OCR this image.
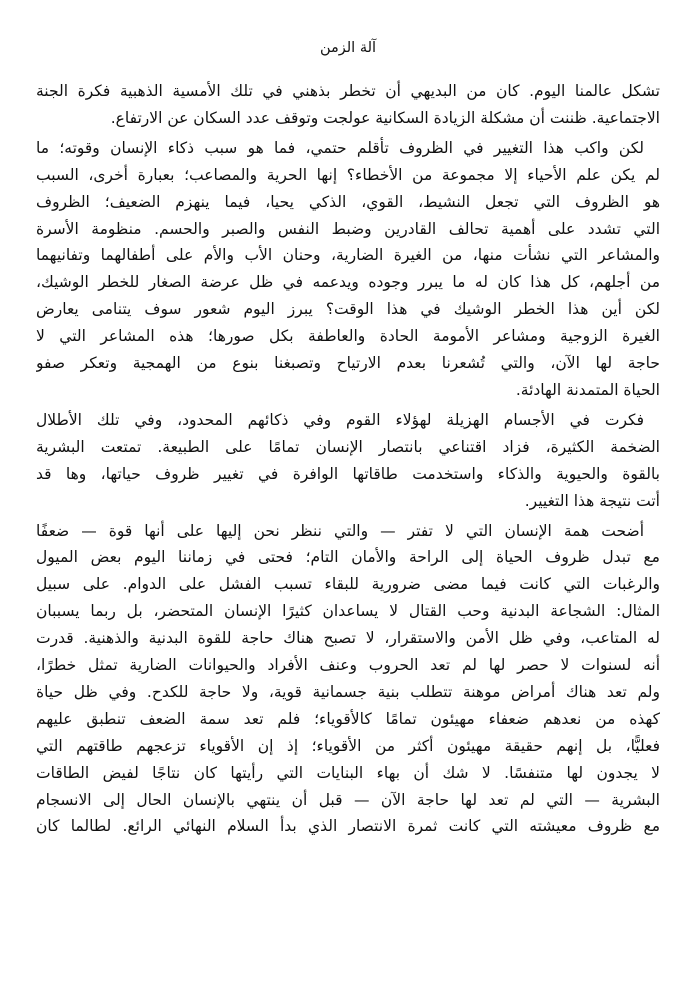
آلة الزمن
تشكل عالمنا اليوم. كان من البديهي أن تخطر بذهني في تلك الأمسية الذهبية فكرة الجنة
الاجتماعية. ظننت أن مشكلة الزيادة السكانية عولجت وتوقف عدد السكان عن الارتفاع.
لكن واكب هذا التغيير في الظروف تأقلم حتمي، فما هو سبب ذكاء الإنسان وقوته؛ ما
لم يكن علم الأحياء إلا مجموعة من الأخطاء؟ إنها الحرية والمصاعب؛ بعبارة أخرى، السبب
هو الظروف التي تجعل النشيط، القوي، الذكي يحيا، فيما ينهزم الضعيف؛ الظروف
التي تشدد على أهمية تحالف القادرين وضبط النفس والصبر والحسم. منظومة الأسرة
والمشاعر التي نشأت منها، من الغيرة الضارية، وحنان الأب والأم على أطفالهما وتفانيهما
من أجلهم، كل هذا كان له ما يبرر وجوده ويدعمه في ظل عرضة الصغار للخطر الوشيك،
لكن أين هذا الخطر الوشيك في هذا الوقت؟ يبرز اليوم شعور سوف يتنامى يعارض
الغيرة الزوجية ومشاعر الأمومة الحادة والعاطفة بكل صورها؛ هذه المشاعر التي لا
حاجة لها الآن، والتي تُشعرنا بعدم الارتياح وتصبغنا بنوع من الهمجية وتعكر صفو
الحياة المتمدنة الهادئة.
فكرت في الأجسام الهزيلة لهؤلاء القوم وفي ذكائهم المحدود، وفي تلك الأطلال
الضخمة الكثيرة، فزاد اقتناعي بانتصار الإنسان تمامًا على الطبيعة. تمتعت البشرية
بالقوة والحيوية والذكاء واستخدمت طاقاتها الوافرة في تغيير ظروف حياتها، وها قد
أتت نتيجة هذا التغيير.
أضحت همة الإنسان التي لا تفتر — والتي ننظر نحن إليها على أنها قوة — ضعفًا
مع تبدل ظروف الحياة إلى الراحة والأمان التام؛ فحتى في زماننا اليوم بعض الميول
والرغبات التي كانت فيما مضى ضرورية للبقاء تسبب الفشل على الدوام. على سبيل
المثال: الشجاعة البدنية وحب القتال لا يساعدان كثيرًا الإنسان المتحضر، بل ربما يسببان
له المتاعب، وفي ظل الأمن والاستقرار، لا تصبح هناك حاجة للقوة البدنية والذهنية. قدرت
أنه لسنوات لا حصر لها لم تعد الحروب وعنف الأفراد والحيوانات الضارية تمثل خطرًا،
ولم تعد هناك أمراض موهنة تتطلب بنية جسمانية قوية، ولا حاجة للكدح. وفي ظل حياة
كهذه من نعدهم ضعفاء مهيئون تمامًا كالأقوياء؛ فلم تعد سمة الضعف تنطبق عليهم
فعليًّا، بل إنهم حقيقة مهيئون أكثر من الأقوياء؛ إذ إن الأقوياء تزعجهم طاقتهم التي
لا يجدون لها متنفسًا. لا شك أن بهاء البنايات التي رأيتها كان نتاجًا لفيض الطاقات
البشرية — التي لم تعد لها حاجة الآن — قبل أن ينتهي بالإنسان الحال إلى الانسجام
مع ظروف معيشته التي كانت ثمرة الانتصار الذي بدأ السلام النهائي الرائع. لطالما كان
